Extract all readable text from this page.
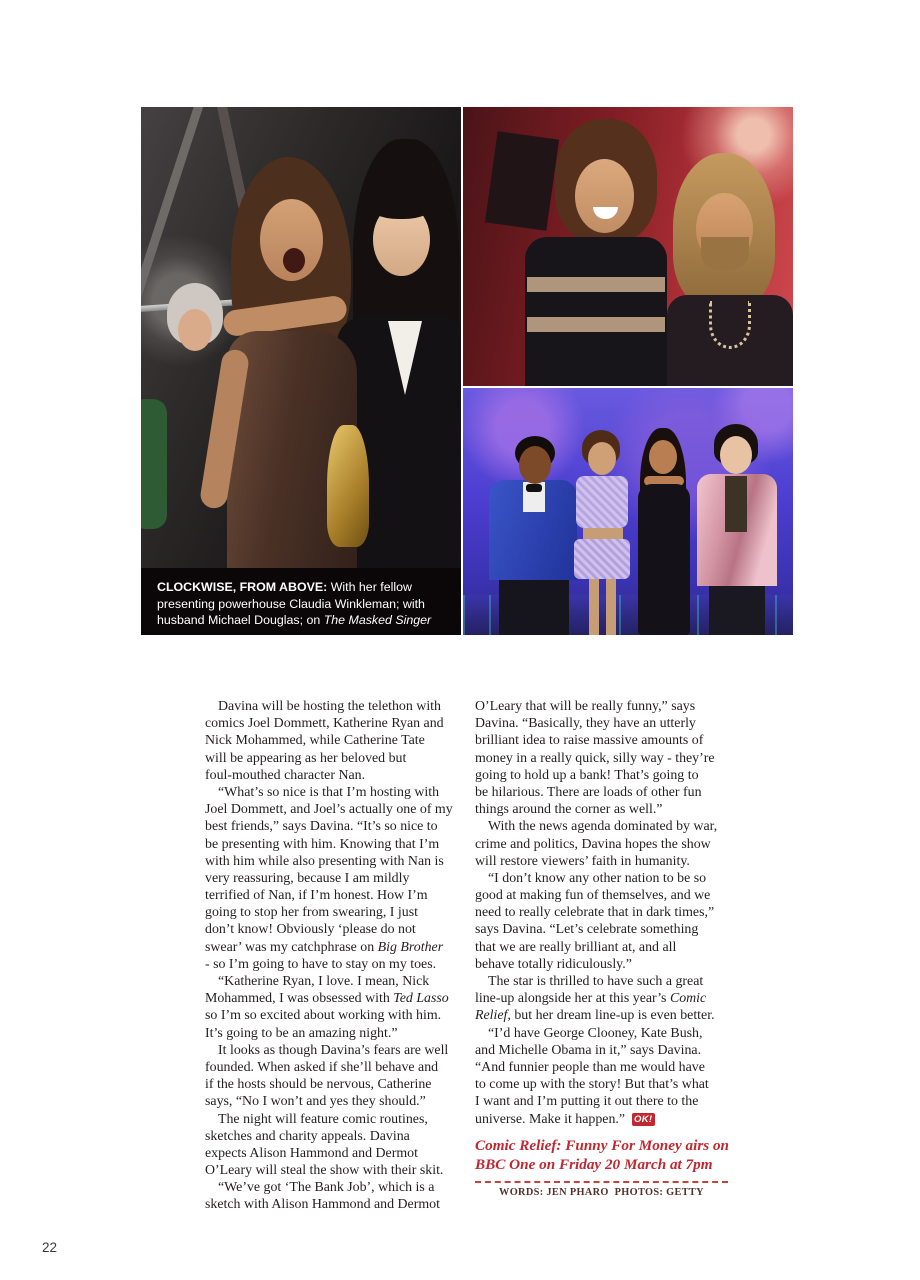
CLOCKWISE, FROM ABOVE: With her fellow
presenting powerhouse Claudia Winkleman; with
husband Michael Douglas; on The Masked Singer
Davina will be hosting the telethon with
comics Joel Dommett, Katherine Ryan and
Nick Mohammed, while Catherine Tate
will be appearing as her beloved but
foul-mouthed character Nan.
“What’s so nice is that I’m hosting with
Joel Dommett, and Joel’s actually one of my
best friends,” says Davina. “It’s so nice to
be presenting with him. Knowing that I’m
with him while also presenting with Nan is
very reassuring, because I am mildly
terrified of Nan, if I’m honest. How I’m
going to stop her from swearing, I just
don’t know! Obviously ‘please do not
swear’ was my catchphrase on Big Brother
- so I’m going to have to stay on my toes.
“Katherine Ryan, I love. I mean, Nick
Mohammed, I was obsessed with Ted Lasso
so I’m so excited about working with him.
It’s going to be an amazing night.”
It looks as though Davina’s fears are well
founded. When asked if she’ll behave and
if the hosts should be nervous, Catherine
says, “No I won’t and yes they should.”
The night will feature comic routines,
sketches and charity appeals. Davina
expects Alison Hammond and Dermot
O’Leary will steal the show with their skit.
“We’ve got ‘The Bank Job’, which is a
sketch with Alison Hammond and Dermot
O’Leary that will be really funny,” says
Davina. “Basically, they have an utterly
brilliant idea to raise massive amounts of
money in a really quick, silly way - they’re
going to hold up a bank! That’s going to
be hilarious. There are loads of other fun
things around the corner as well.”
With the news agenda dominated by war,
crime and politics, Davina hopes the show
will restore viewers’ faith in humanity.
“I don’t know any other nation to be so
good at making fun of themselves, and we
need to really celebrate that in dark times,”
says Davina. “Let’s celebrate something
that we are really brilliant at, and all
behave totally ridiculously.”
The star is thrilled to have such a great
line-up alongside her at this year’s Comic
Relief, but her dream line-up is even better.
“I’d have George Clooney, Kate Bush,
and Michelle Obama in it,” says Davina.
“And funnier people than me would have
to come up with the story! But that’s what
I want and I’m putting it out there to the
universe. Make it happen.” OK!
Comic Relief: Funny For Money airs on
BBC One on Friday 20 March at 7pm
WORDS: JEN PHARO  PHOTOS: GETTY
22
